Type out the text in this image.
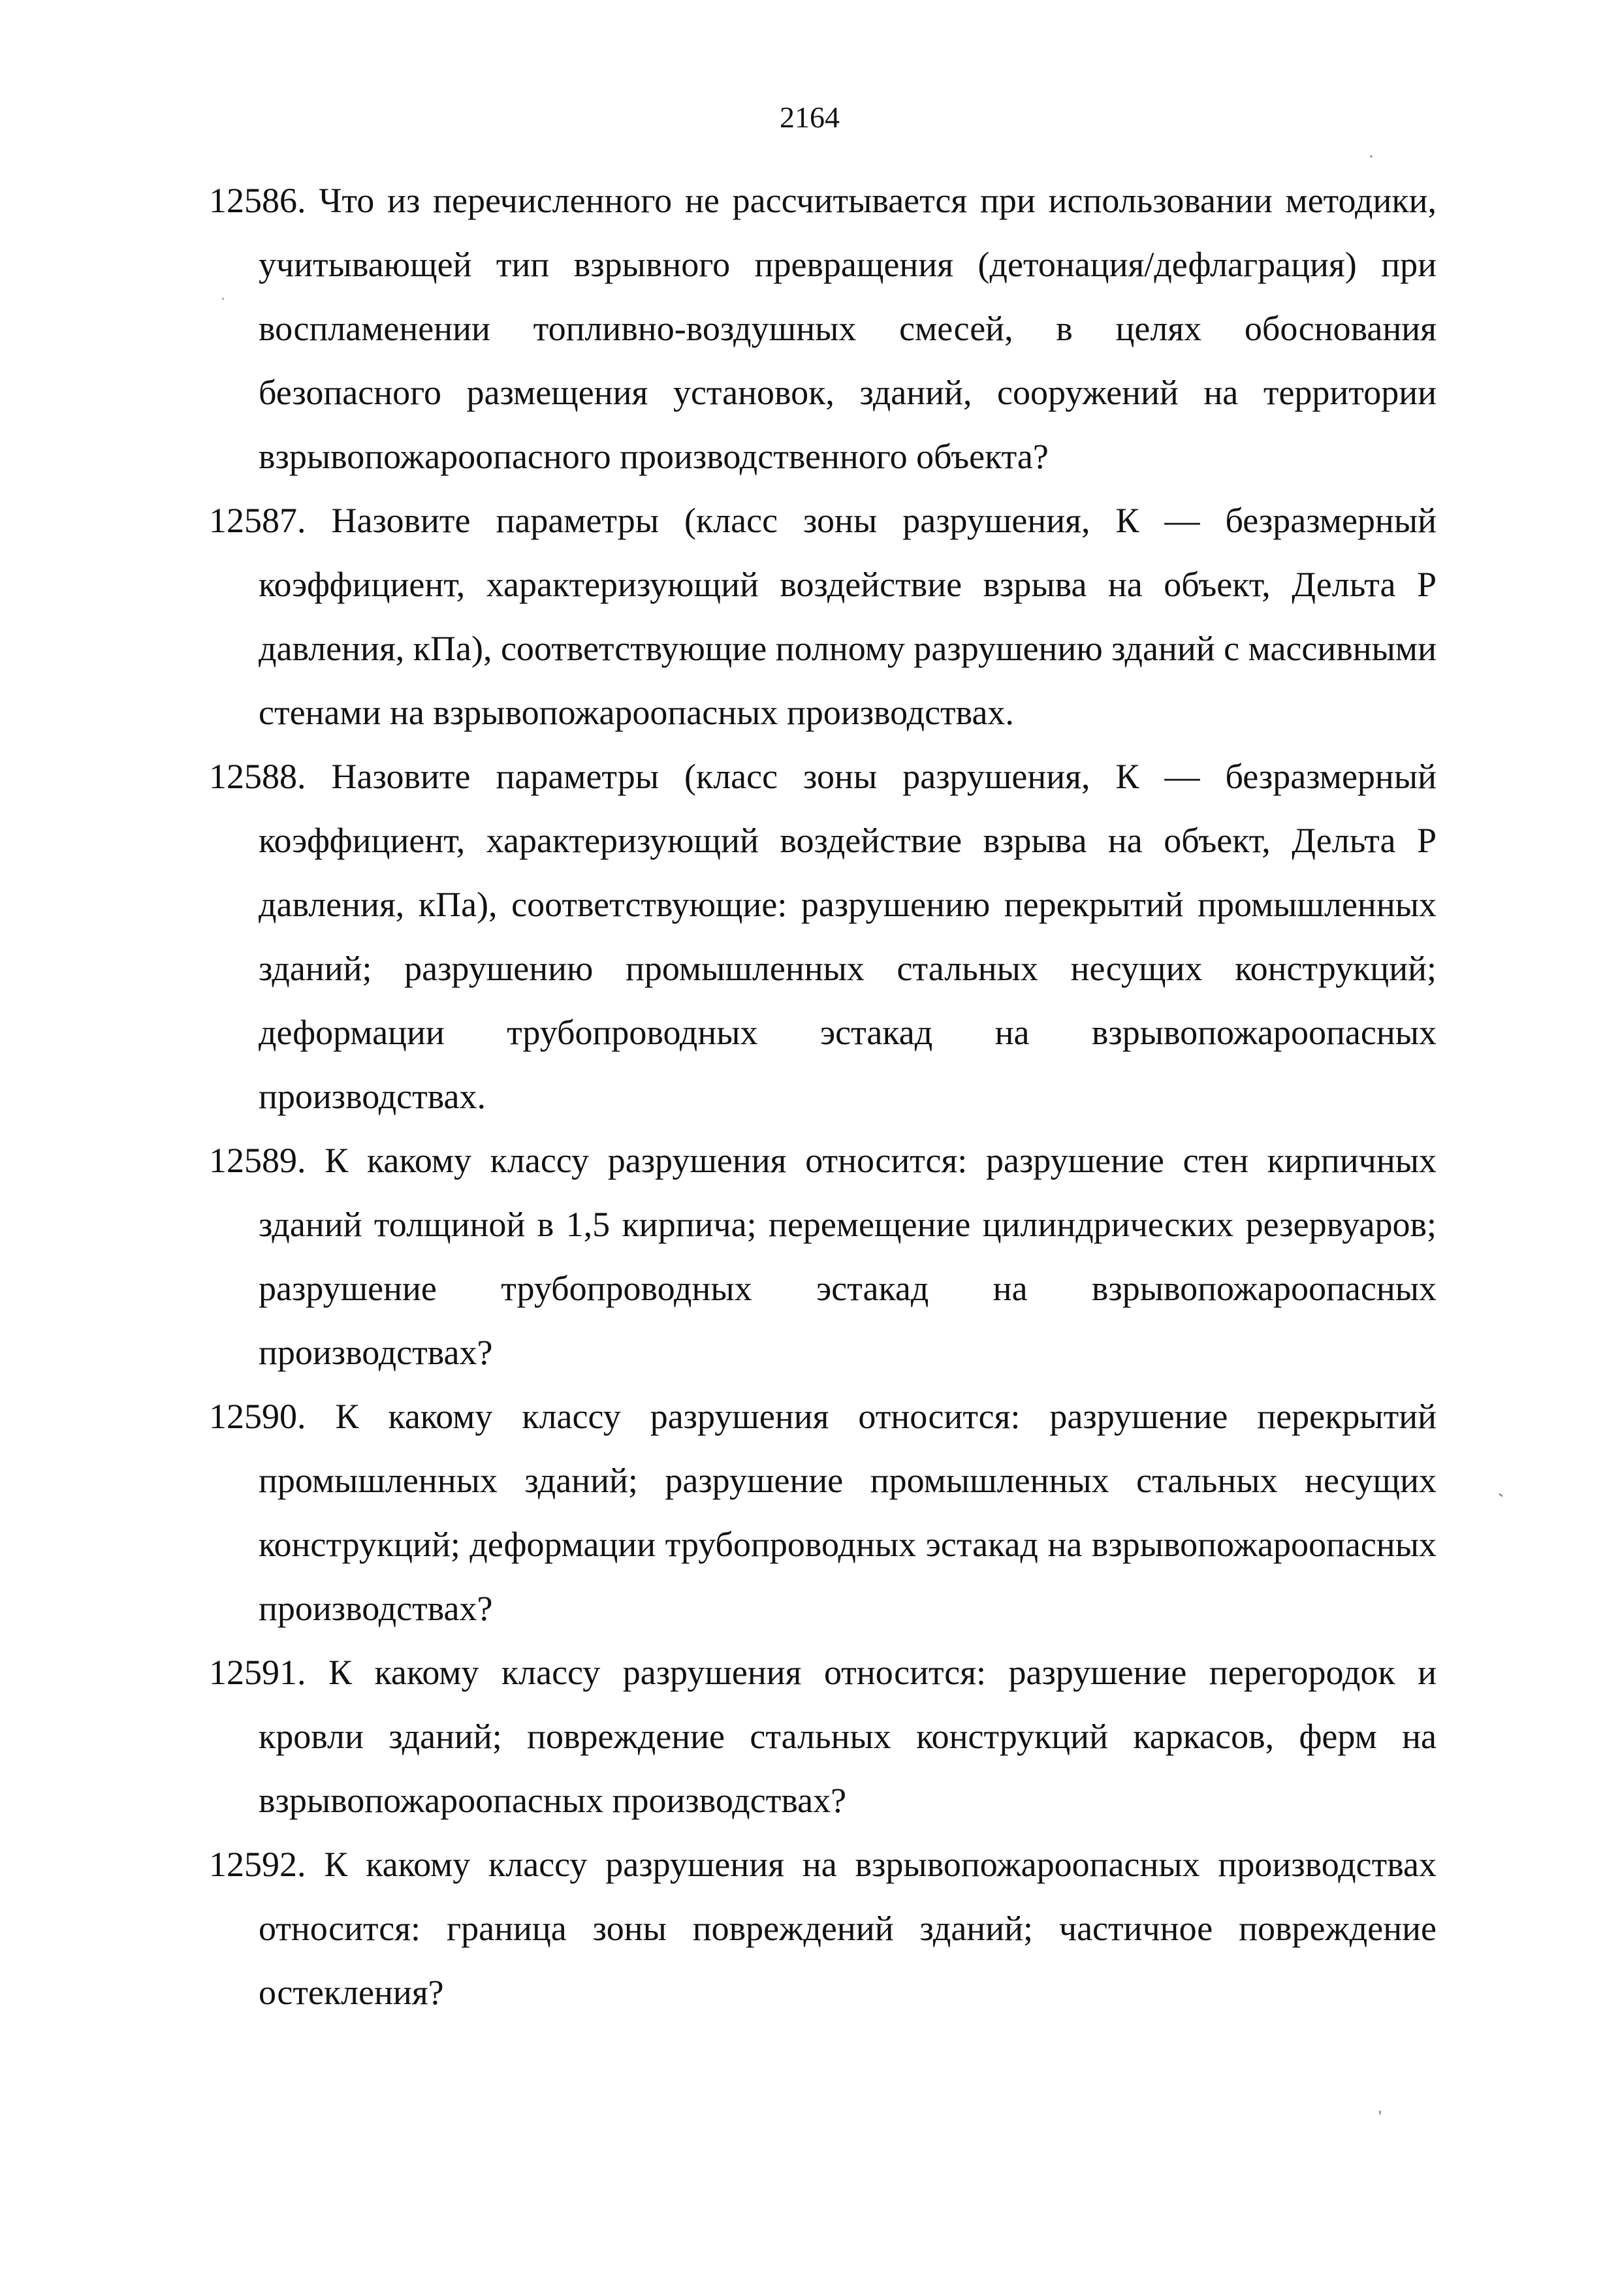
2164

12586. Что из перечисленного не рассчитывается при использовании методики, учитывающей тип взрывного превращения (детонация/дефлаграция) при воспламенении топливно-воздушных смесей, в целях обоснования безопасного размещения установок, зданий, сооружений на территории взрывопожароопасного производственного объекта?

12587. Назовите параметры (класс зоны разрушения, К — безразмерный коэффициент, характеризующий воздействие взрыва на объект, Дельта Р давления, кПа), соответствующие полному разрушению зданий с массивными стенами на взрывопожароопасных производствах.

12588. Назовите параметры (класс зоны разрушения, К — безразмерный коэффициент, характеризующий воздействие взрыва на объект, Дельта Р давления, кПа), соответствующие: разрушению перекрытий промышленных зданий; разрушению промышленных стальных несущих конструкций; деформации трубопроводных эстакад на взрывопожароопасных производствах.

12589. К какому классу разрушения относится: разрушение стен кирпичных зданий толщиной в 1,5 кирпича; перемещение цилиндрических резервуаров; разрушение трубопроводных эстакад на взрывопожароопасных производствах?

12590. К какому классу разрушения относится: разрушение перекрытий промышленных зданий; разрушение промышленных стальных несущих конструкций; деформации трубопроводных эстакад на взрывопожароопасных производствах?

12591. К какому классу разрушения относится: разрушение перегородок и кровли зданий; повреждение стальных конструкций каркасов, ферм на взрывопожароопасных производствах?

12592. К какому классу разрушения на взрывопожароопасных производствах относится: граница зоны повреждений зданий; частичное повреждение остекления?
